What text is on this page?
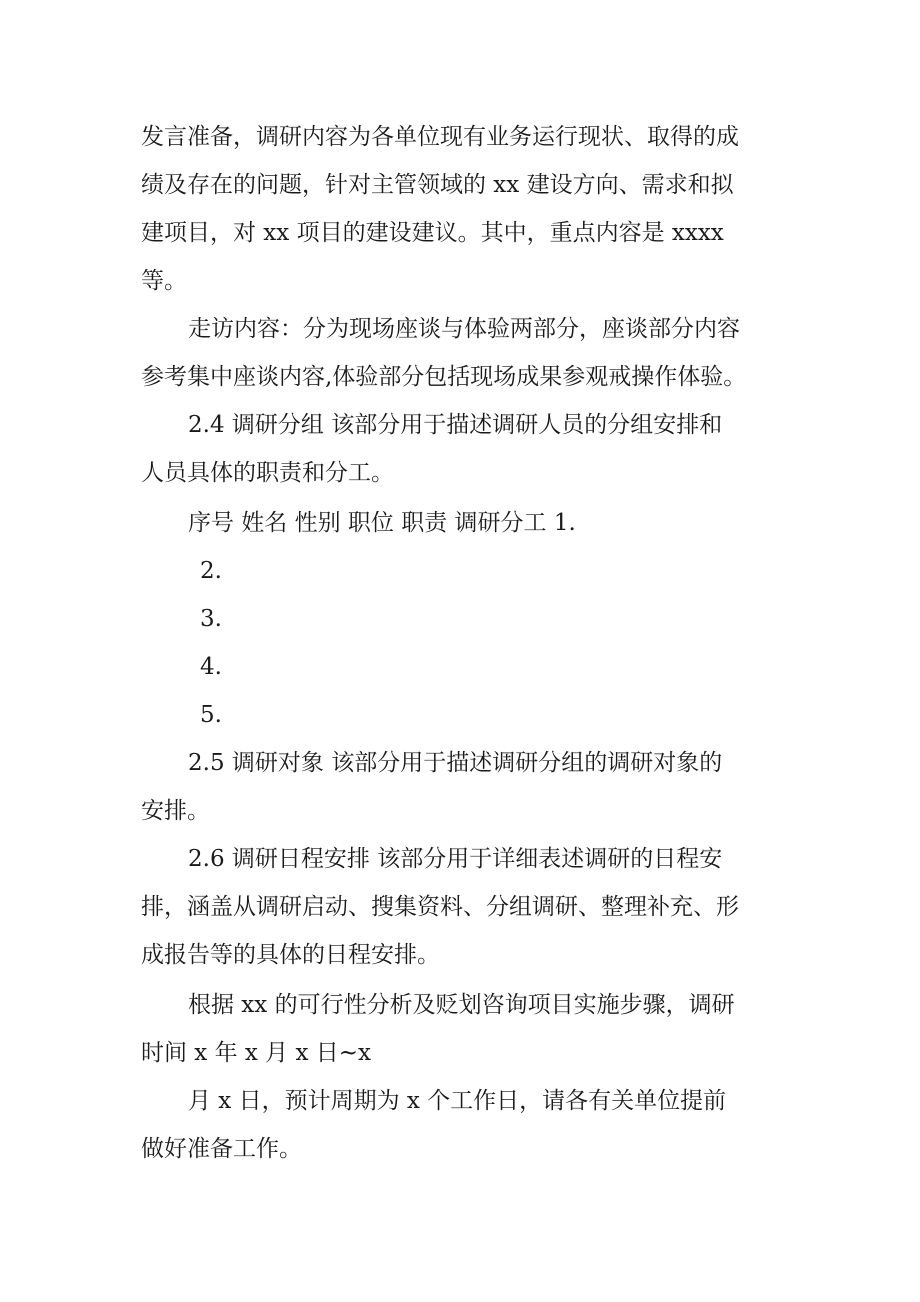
发言准备，调研内容为各单位现有业务运行现状、取得的成
绩及存在的问题，针对主管领域的 xx 建设方向、需求和拟
建项目，对 xx 项目的建设建议。其中，重点内容是 xxxx
等。
走访内容：分为现场座谈与体验两部分，座谈部分内容
参考集中座谈内容,体验部分包括现场成果参观戒操作体验。
2.4 调研分组 该部分用于描述调研人员的分组安排和
人员具体的职责和分工。
序号 姓名 性别 职位 职责 调研分工 1.
2.
3.
4.
5.
2.5 调研对象 该部分用于描述调研分组的调研对象的
安排。
2.6 调研日程安排 该部分用于详细表述调研的日程安
排，涵盖从调研启动、搜集资料、分组调研、整理补充、形
成报告等的具体的日程安排。
根据 xx 的可行性分析及贬划咨询项目实施步骤，调研
时间 x 年 x 月 x 日~x
月 x 日，预计周期为 x 个工作日，请各有关单位提前
做好准备工作。
